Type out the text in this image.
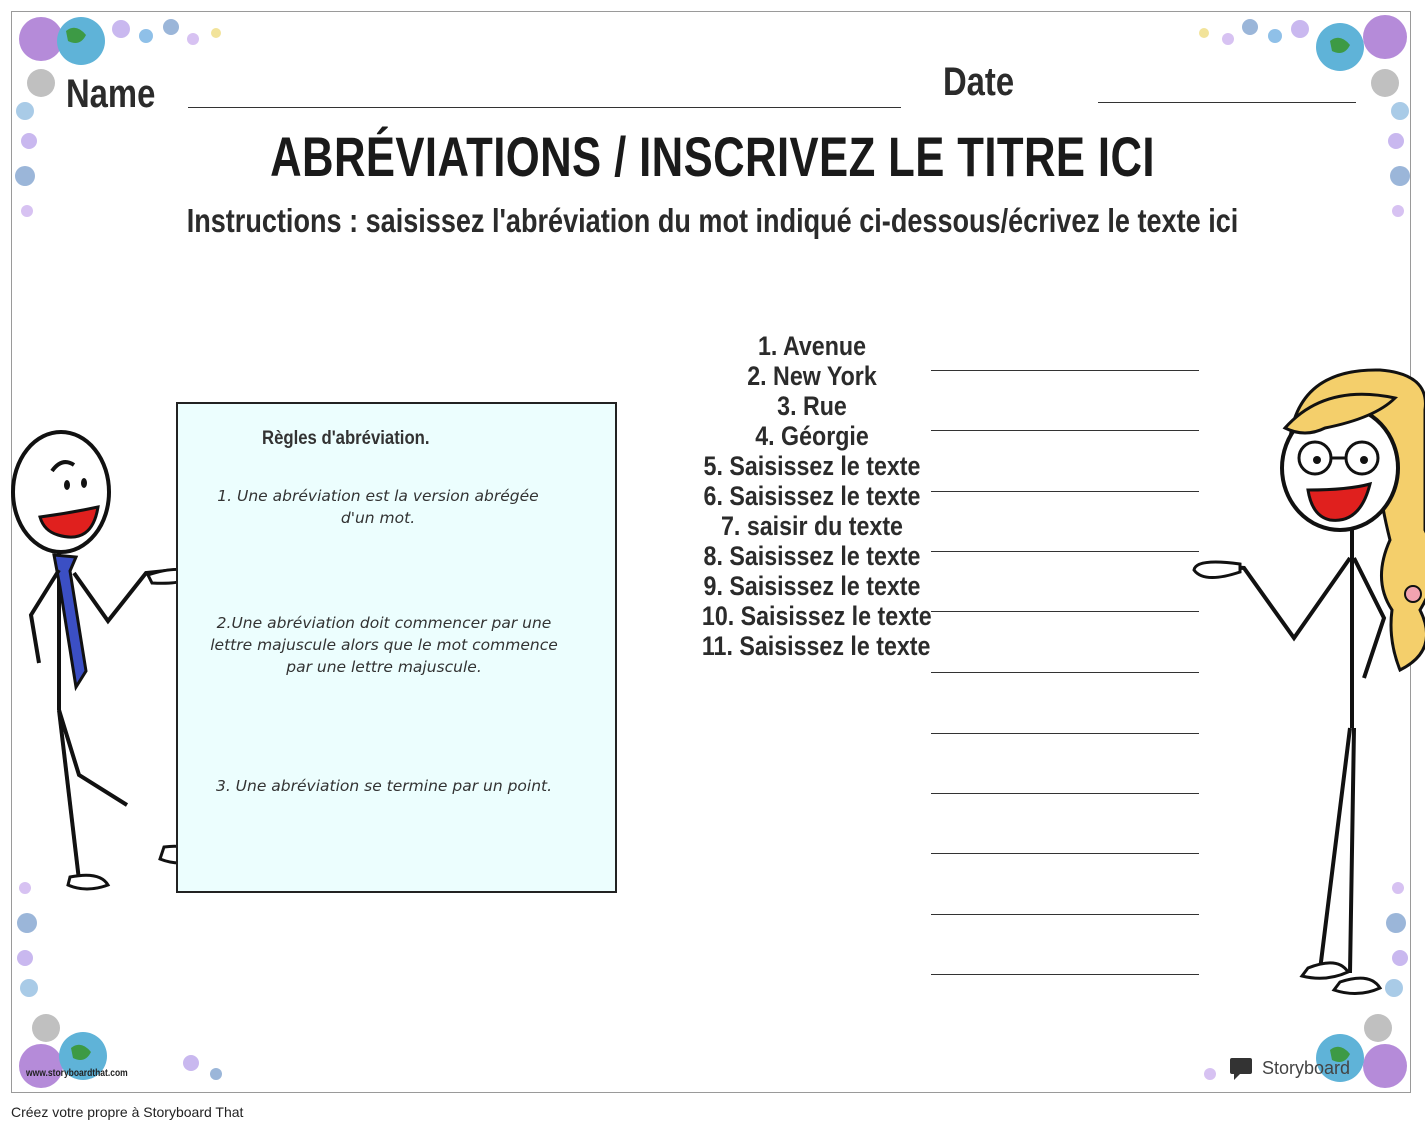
Name	Date
ABRÉVIATIONS / INSCRIVEZ LE TITRE ICI
Instructions : saisissez l'abréviation du mot indiqué ci-dessous/écrivez le texte ici
Règles d'abréviation.
1. Une abréviation est la version abrégée d'un mot.
2.Une abréviation doit commencer par une lettre majuscule alors que le mot commence par une lettre majuscule.
3. Une abréviation se termine par un point.
1. Avenue
2. New York
3. Rue
4. Géorgie
5. Saisissez le texte
6. Saisissez le texte
7. saisir du texte
8. Saisissez le texte
9. Saisissez le texte
10. Saisissez le texte
11. Saisissez le texte
www.storyboardthat.com	Storyboard
Créez votre propre à Storyboard That
